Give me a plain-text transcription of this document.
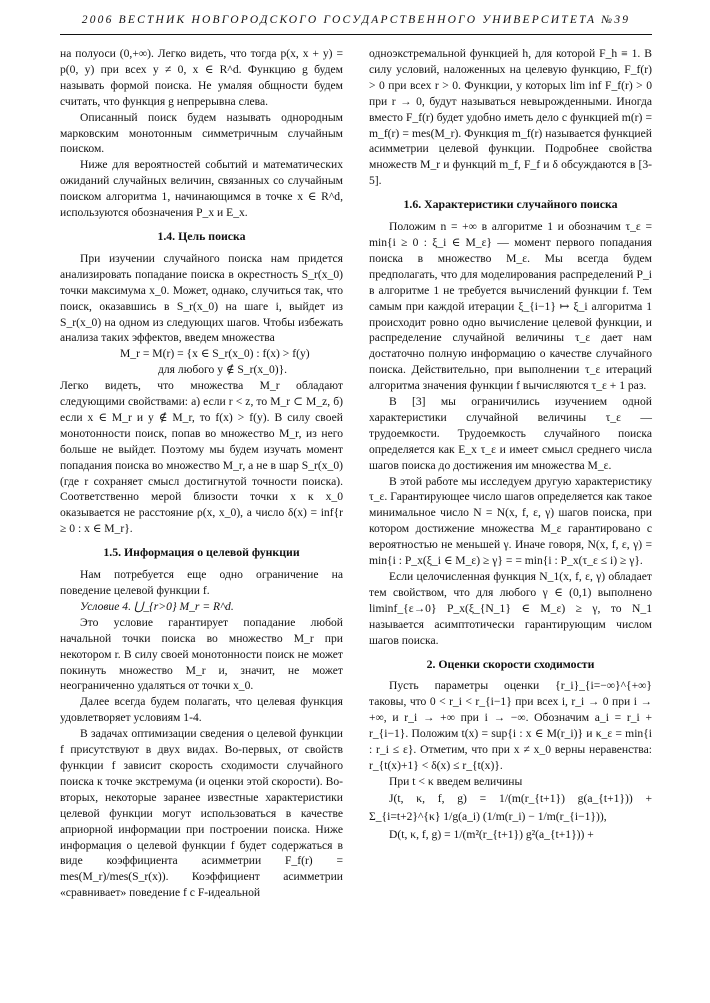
2006 ВЕСТНИК НОВГОРОДСКОГО ГОСУДАРСТВЕННОГО УНИВЕРСИТЕТА №39

на полуоси (0,+∞). Легко видеть, что тогда p(x, x + y) = p(0, y) при всех y ≠ 0, x ∈ R^d. Функцию g будем называть формой поиска. Не умаляя общности будем считать, что функция g непрерывна слева.

Описанный поиск будем называть однородным марковским монотонным симметричным случайным поиском.

Ниже для вероятностей событий и математических ожиданий случайных величин, связанных со случайным поиском алгоритма 1, начинающимся в точке x ∈ R^d, используются обозначения P_x и E_x.

1.4. Цель поиска

При изучении случайного поиска нам придется анализировать попадание поиска в окрестность S_r(x_0) точки максимума x_0. Может, однако, случиться так, что поиск, оказавшись в S_r(x_0) на шаге i, выйдет из S_r(x_0) на одном из следующих шагов. Чтобы избежать анализа таких эффектов, введем множества

M_r = M(r) = {x ∈ S_r(x_0) : f(x) > f(y)

для любого y ∉ S_r(x_0)}.

Легко видеть, что множества M_r обладают следующими свойствами: а) если r < z, то M_r ⊂ M_z, б) если x ∈ M_r и y ∉ M_r, то f(x) > f(y). В силу своей монотонности поиск, попав во множество M_r, из него больше не выйдет. Поэтому мы будем изучать момент попадания поиска во множество M_r, а не в шар S_r(x_0) (где r сохраняет смысл достигнутой точности поиска). Соответственно мерой близости точки x к x_0 оказывается не расстояние ρ(x, x_0), а число δ(x) = inf{r ≥ 0 : x ∈ M_r}.

1.5. Информация о целевой функции

Нам потребуется еще одно ограничение на поведение целевой функции f.

Условие 4. ⋃_{r>0} M_r = R^d.

Это условие гарантирует попадание любой начальной точки поиска во множество M_r при некотором r. В силу своей монотонности поиск не может покинуть множество M_r и, значит, не может неограниченно удаляться от точки x_0.

Далее всегда будем полагать, что целевая функция удовлетворяет условиям 1-4.

В задачах оптимизации сведения о целевой функции f присутствуют в двух видах. Во-первых, от свойств функции f зависит скорость сходимости случайного поиска к точке экстремума (и оценки этой скорости). Во-вторых, некоторые заранее известные характеристики целевой функции могут использоваться в качестве априорной информации при построении поиска. Ниже информация о целевой функции f будет содержаться в виде коэффициента асимметрии F_f(r) = mes(M_r)/mes(S_r(x)). Коэффициент асимметрии «сравнивает» поведение f с F-идеальной

одноэкстремальной функцией h, для которой F_h ≡ 1. В силу условий, наложенных на целевую функцию, F_f(r) > 0 при всех r > 0. Функции, у которых lim inf F_f(r) > 0 при r → 0, будут называться невырожденными. Иногда вместо F_f(r) будет удобно иметь дело с функцией m(r) = m_f(r) = mes(M_r). Функция m_f(r) называется функцией асимметрии целевой функции. Подробнее свойства множеств M_r и функций m_f, F_f и δ обсуждаются в [3-5].

1.6. Характеристики случайного поиска

Положим n = +∞ в алгоритме 1 и обозначим τ_ε = min{i ≥ 0 : ξ_i ∈ M_ε} — момент первого попадания поиска в множество M_ε. Мы всегда будем предполагать, что для моделирования распределений P_i в алгоритме 1 не требуется вычислений функции f. Тем самым при каждой итерации ξ_{i−1} ↦ ξ_i алгоритма 1 происходит ровно одно вычисление целевой функции, и распределение случайной величины τ_ε дает нам достаточно полную информацию о качестве случайного поиска. Действительно, при выполнении τ_ε итераций алгоритма значения функции f вычисляются τ_ε + 1 раз.

В [3] мы ограничились изучением одной характеристики случайной величины τ_ε — трудоемкости. Трудоемкость случайного поиска определяется как E_x τ_ε и имеет смысл среднего числа шагов поиска до достижения им множества M_ε.

В этой работе мы исследуем другую характеристику τ_ε. Гарантирующее число шагов определяется как такое минимальное число N = N(x, f, ε, γ) шагов поиска, при котором достижение множества M_ε гарантировано с вероятностью не меньшей γ. Иначе говоря, N(x, f, ε, γ) = min{i : P_x(ξ_i ∈ M_ε) ≥ γ} = = min{i : P_x(τ_ε ≤ i) ≥ γ}.

Если целочисленная функция N_1(x, f, ε, γ) обладает тем свойством, что для любого γ ∈ (0,1) выполнено liminf_{ε→0} P_x(ξ_{N_1} ∈ M_ε) ≥ γ, то N_1 называется асимптотически гарантирующим числом шагов поиска.

2. Оценки скорости сходимости

Пусть параметры оценки {r_i}_{i=−∞}^{+∞} таковы, что 0 < r_i < r_{i−1} при всех i, r_i → 0 при i → +∞, и r_i → +∞ при i → −∞. Обозначим a_i = r_i + r_{i−1}. Положим t(x) = sup{i : x ∈ M(r_i)} и κ_ε = min{i : r_i ≤ ε}. Отметим, что при x ≠ x_0 верны неравенства: r_{t(x)+1} < δ(x) ≤ r_{t(x)}.

При t < κ введем величины

J(t, κ, f, g) = 1/(m(r_{t+1}) g(a_{t+1})) + Σ_{i=t+2}^{κ} 1/g(a_i) (1/m(r_i) − 1/m(r_{i−1})),

D(t, κ, f, g) = 1/(m²(r_{t+1}) g²(a_{t+1})) +
